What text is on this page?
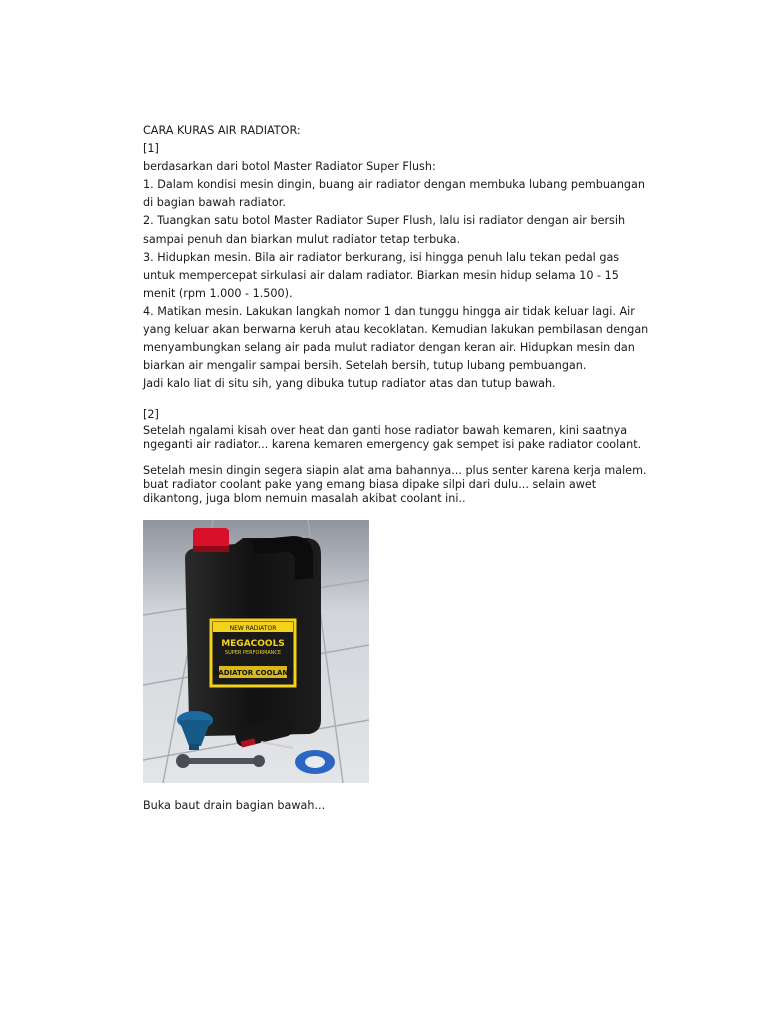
CARA KURAS AIR RADIATOR:

[1]

berdasarkan dari botol Master Radiator Super Flush:

1. Dalam kondisi mesin dingin, buang air radiator dengan membuka lubang pembuangan

di bagian bawah radiator.

2. Tuangkan satu botol Master Radiator Super Flush, lalu isi radiator dengan air bersih

sampai penuh dan biarkan mulut radiator tetap terbuka.

3. Hidupkan mesin. Bila air radiator berkurang, isi hingga penuh lalu tekan pedal gas

untuk mempercepat sirkulasi air dalam radiator. Biarkan mesin hidup selama 10 - 15

menit (rpm 1.000 - 1.500).

4. Matikan mesin. Lakukan langkah nomor 1 dan tunggu hingga air tidak keluar lagi. Air

yang keluar akan berwarna keruh atau kecoklatan. Kemudian lakukan pembilasan dengan

menyambungkan selang air pada mulut radiator dengan keran air. Hidupkan mesin dan

biarkan air mengalir sampai bersih. Setelah bersih, tutup lubang pembuangan.

Jadi kalo liat di situ sih, yang dibuka tutup radiator atas dan tutup bawah.

[2]

Setelah ngalami kisah over heat dan ganti hose radiator bawah kemaren, kini saatnya

ngeganti air radiator... karena kemaren emergency gak sempet isi pake radiator coolant.

Setelah mesin dingin segera siapin alat ama bahannya... plus senter karena kerja malem.

buat radiator coolant pake yang emang biasa dipake silpi dari dulu... selain awet

dikantong, juga blom nemuin masalah akibat coolant ini..

NEW RADIATOR
MEGACOOLS
SUPER PERFORMANCE
RADIATOR COOLANT

Buka baut drain bagian bawah...
